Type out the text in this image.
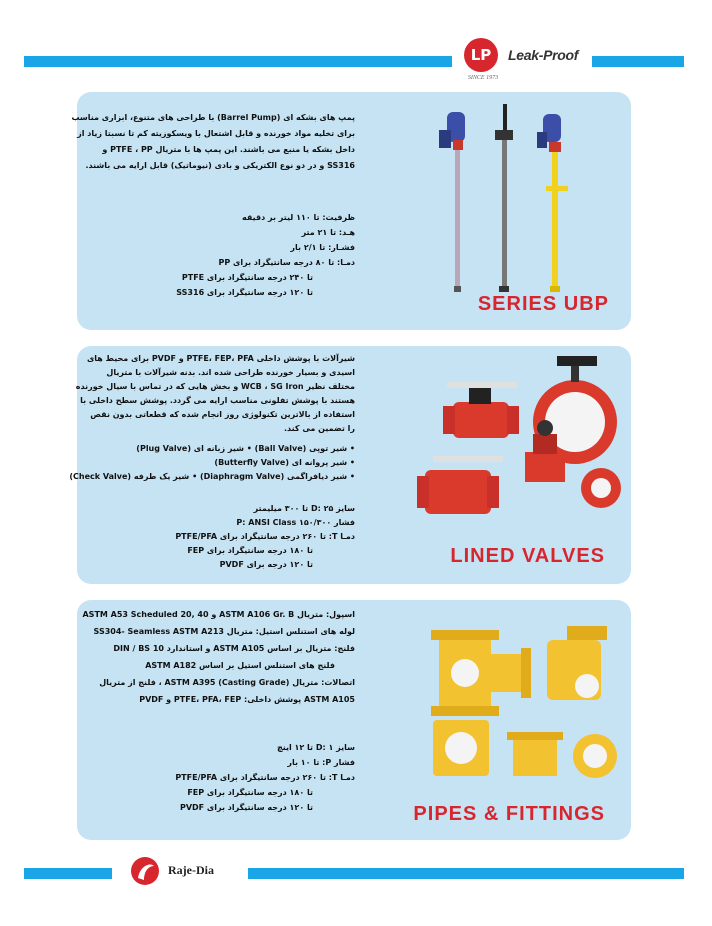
LP	Leak-Proof
SINCE 1973
پمپ های بشکه ای (Barrel Pump) با طراحی های متنوع، ابزاری مناسب
برای تخلیه مواد خورنده و قابل اشتعال با ویسکوزیته کم تا نسبتا زیاد از
داخل بشکه یا منبع می باشند. این پمپ ها با متریال PTFE ، PP و
SS316 و در دو نوع الکتریکی و بادی (نیوماتیک) قابل ارایه می باشند.
ظرفیت: تا ۱۱۰ لیتر بر دقیقه
هـد: تا ۲۱ متر
فشـار: تا ۲/۱ بار
دمـا: تا ۸۰ درجه سانتیگراد برای PP
تا ۲۴۰ درجه سانتیگراد برای PTFE
تا ۱۲۰ درجه سانتیگراد برای SS316
SERIES UBP
شیرآلات با پوشش داخلی PTFE، FEP، PFA و PVDF برای محیط های
اسیدی و بسیار خورنده طراحی شده اند. بدنه شیرآلات با متریال
مختلف نظیر WCB ، SG Iron و بخش هایی که در تماس با سیال خورنده
هستند با پوشش تفلونی مناسب ارایه می گردد. پوشش سطح داخلی با
استفاده از بالاترین تکنولوژی روز انجام شده که قطعاتی بدون نقص
را تضمین می کند.
• شیر توپی (Ball Valve) • شیر زبانه ای (Plug Valve)
• شیر پروانه ای (Butterfly Valve)
• شیر دیافراگمی (Diaphragm Valve) • شیر یک طرفه (Check Valve)
سایز D: ۲۵ تا ۳۰۰ میلیمتر
فشار P: ANSI Class ۱۵۰/۳۰۰
دمـا T: تا ۲۶۰ درجه سانتیگراد برای PTFE/PFA
تا ۱۸۰ درجه سانتیگراد برای FEP
تا ۱۲۰ درجه برای PVDF	LINED VALVES
اسپول: متریال ASTM A106 Gr. B و ASTM A53 Scheduled 20, 40
لوله های استنلس استیل: متریال SS304- Seamless ASTM A213
فلنج: متریال بر اساس ASTM A105 و استاندارد DIN / BS 10
فلنج های استنلس استیل بر اساس ASTM A182
اتصالات: متریال (ASTM A395 (Casting Grade ، فلنج از متریال
ASTM A105 پوشش داخلی: PTFE، PFA، FEP و PVDF
سایز D: ۱ تا ۱۲ اینچ
فشار P: تا ۱۰ بار
دمـا T: تا ۲۶۰ درجه سانتیگراد برای PTFE/PFA
تا ۱۸۰ درجه سانتیگراد برای FEP
تا ۱۲۰ درجه سانتیگراد برای PVDF	PIPES & FITTINGS
Raje-Dia
